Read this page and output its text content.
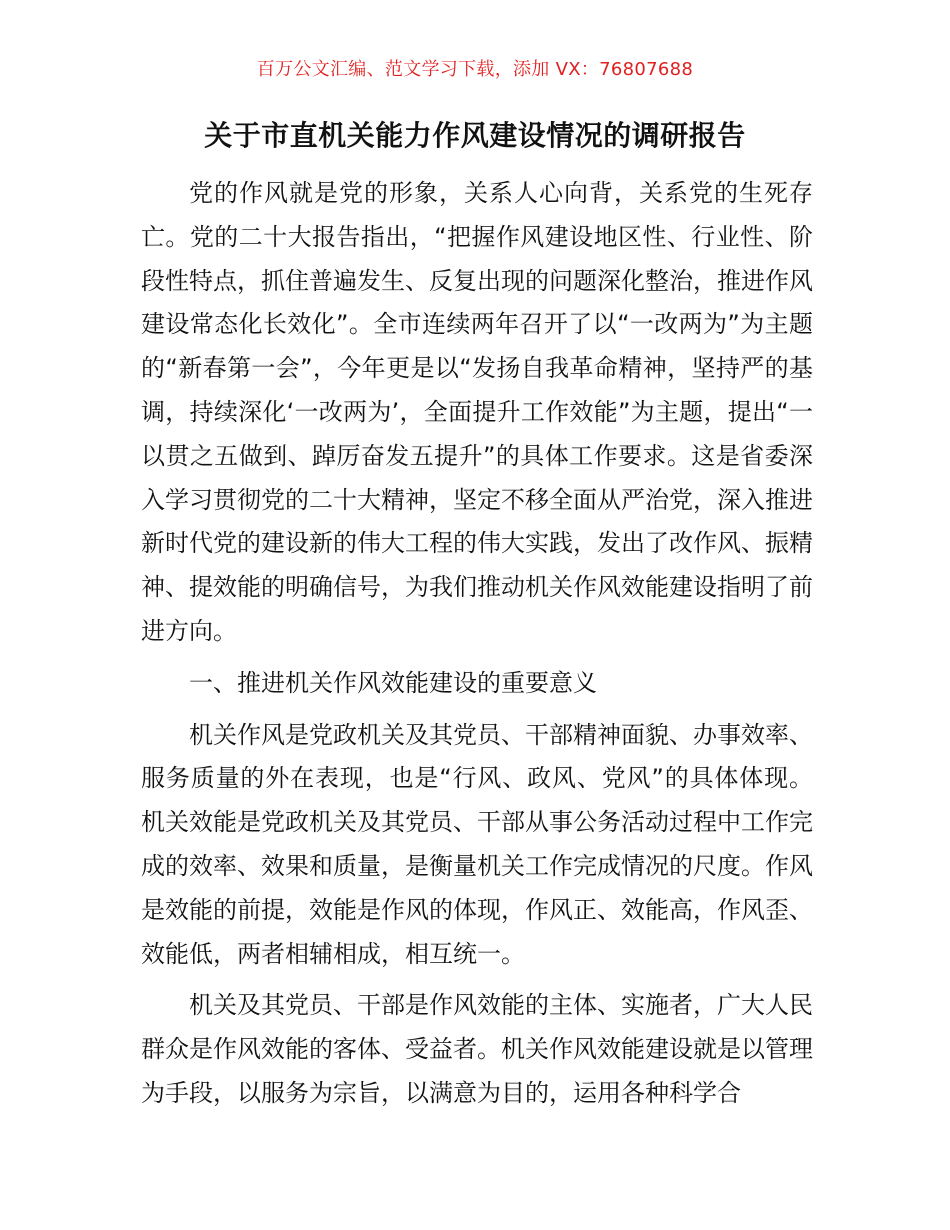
百万公文汇编、范文学习下载，添加 VX：76807688
关于市直机关能力作风建设情况的调研报告

党的作风就是党的形象，关系人心向背，关系党的生死存亡。党的二十大报告指出，“把握作风建设地区性、行业性、阶段性特点，抓住普遍发生、反复出现的问题深化整治，推进作风建设常态化长效化”。全市连续两年召开了以“一改两为”为主题的“新春第一会”，今年更是以“发扬自我革命精神，坚持严的基调，持续深化‘一改两为’，全面提升工作效能”为主题，提出“一以贯之五做到、踔厉奋发五提升”的具体工作要求。这是省委深入学习贯彻党的二十大精神，坚定不移全面从严治党，深入推进新时代党的建设新的伟大工程的伟大实践，发出了改作风、振精神、提效能的明确信号，为我们推动机关作风效能建设指明了前进方向。

一、推进机关作风效能建设的重要意义

机关作风是党政机关及其党员、干部精神面貌、办事效率、服务质量的外在表现，也是“行风、政风、党风”的具体体现。机关效能是党政机关及其党员、干部从事公务活动过程中工作完成的效率、效果和质量，是衡量机关工作完成情况的尺度。作风是效能的前提，效能是作风的体现，作风正、效能高，作风歪、效能低，两者相辅相成，相互统一。

机关及其党员、干部是作风效能的主体、实施者，广大人民群众是作风效能的客体、受益者。机关作风效能建设就是以管理为手段，以服务为宗旨，以满意为目的，运用各种科学合
